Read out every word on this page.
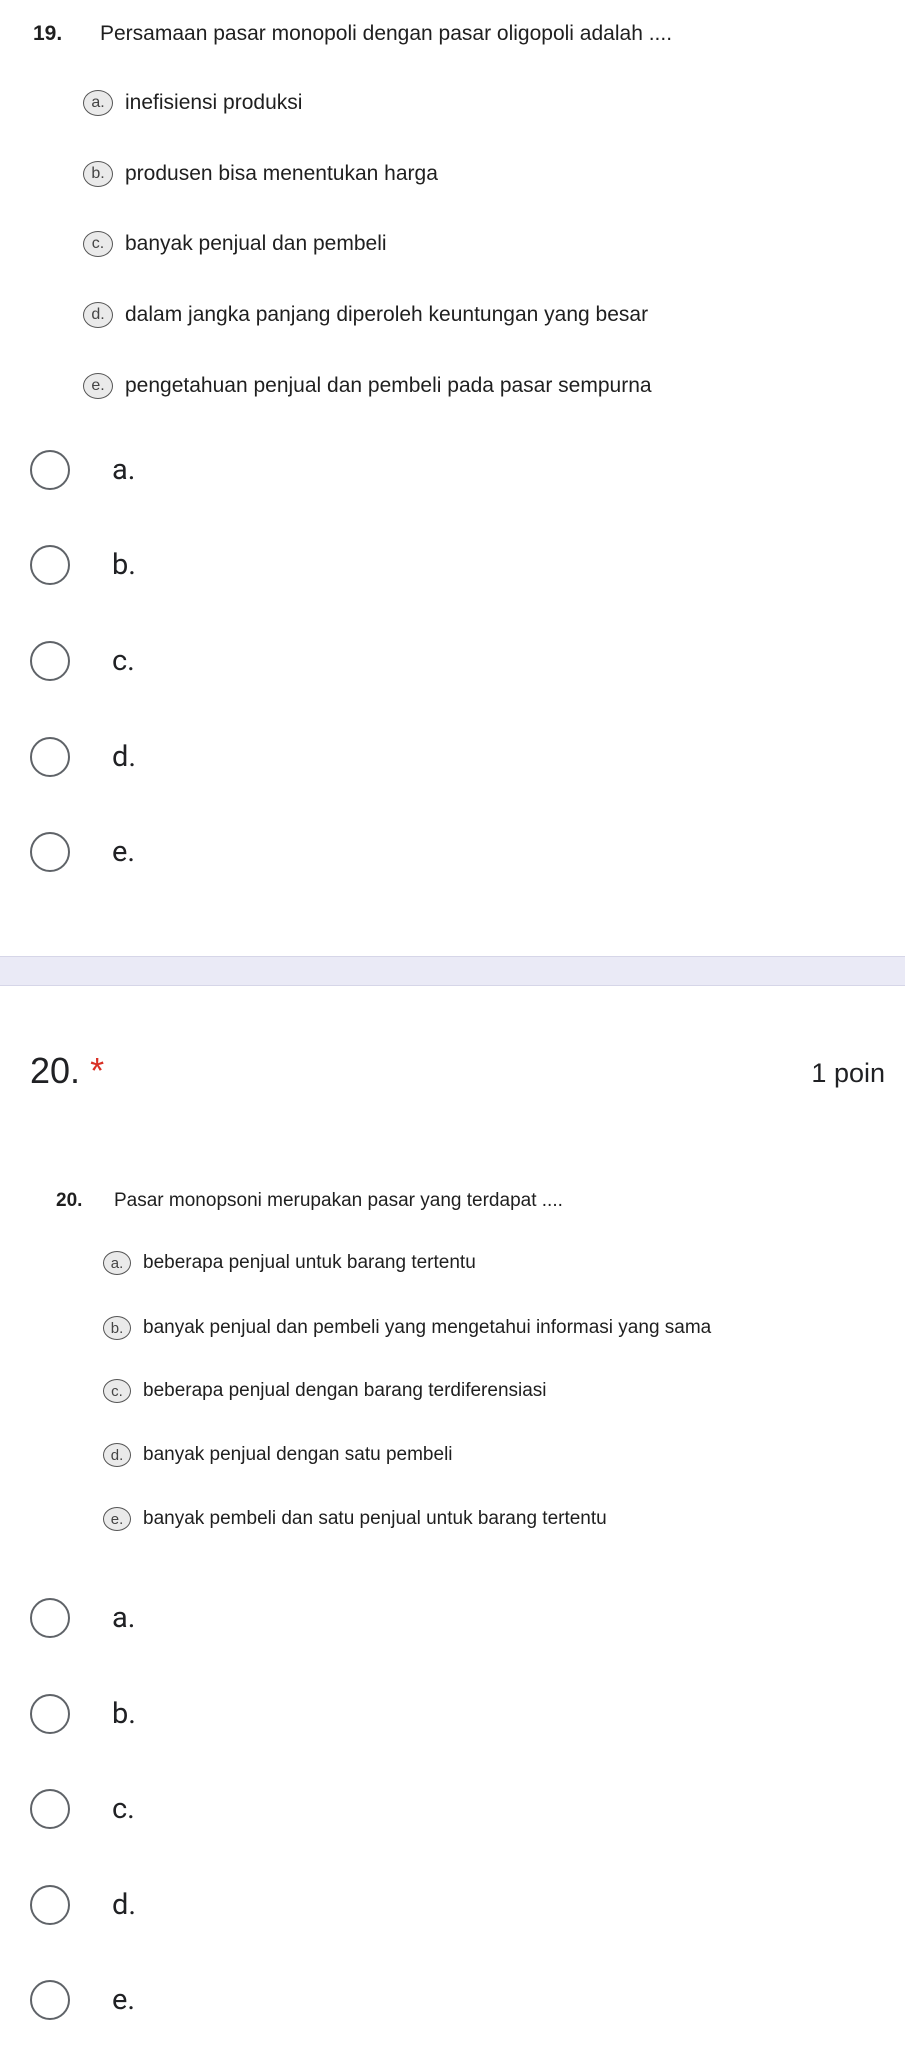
19. Persamaan pasar monopoli dengan pasar oligopoli adalah ....
a. inefisiensi produksi
b. produsen bisa menentukan harga
c. banyak penjual dan pembeli
d. dalam jangka panjang diperoleh keuntungan yang besar
e. pengetahuan penjual dan pembeli pada pasar sempurna
a.
b.
c.
d.
e.
20. *	1 poin
20. Pasar monopsoni merupakan pasar yang terdapat ....
a.	beberapa penjual untuk barang tertentu
b.	banyak penjual dan pembeli yang mengetahui informasi yang sama
c.	beberapa penjual dengan barang terdiferensiasi
d.	banyak penjual dengan satu pembeli
e.	banyak pembeli dan satu penjual untuk barang tertentu
a.
b.
c.
d.
e.
